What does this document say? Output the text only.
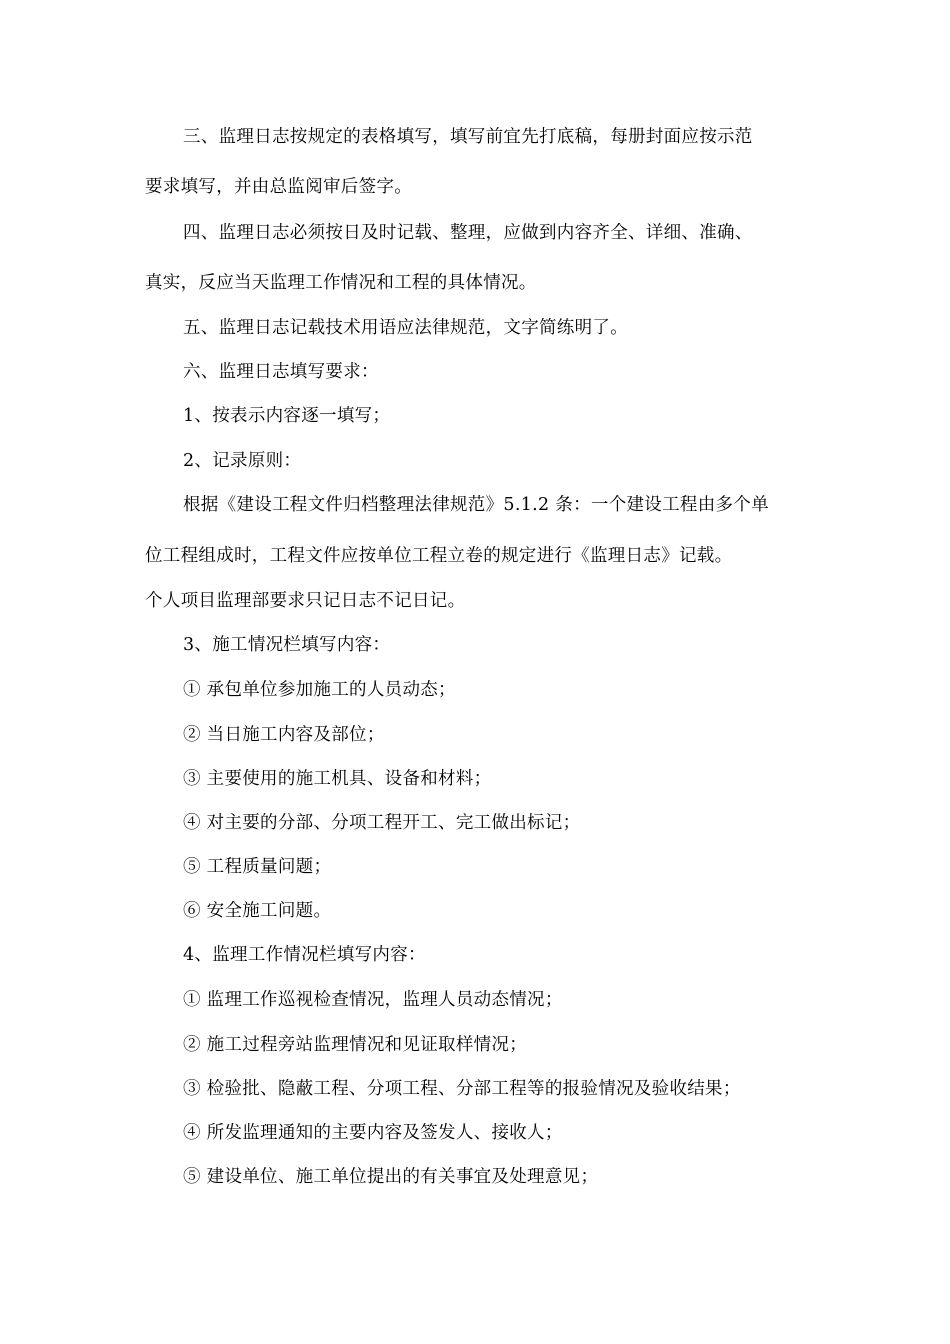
三、监理日志按规定的表格填写，填写前宜先打底稿，每册封面应按示范
要求填写，并由总监阅审后签字。
四、监理日志必须按日及时记载、整理，应做到内容齐全、详细、准确、
真实，反应当天监理工作情况和工程的具体情况。
五、监理日志记载技术用语应法律规范，文字简练明了。
六、监理日志填写要求：
1、按表示内容逐一填写；
2、记录原则：
根据《建设工程文件归档整理法律规范》5.1.2 条：一个建设工程由多个单
位工程组成时，工程文件应按单位工程立卷的规定进行《监理日志》记载。
个人项目监理部要求只记日志不记日记。
3、施工情况栏填写内容：
① 承包单位参加施工的人员动态；
② 当日施工内容及部位；
③ 主要使用的施工机具、设备和材料；
④ 对主要的分部、分项工程开工、完工做出标记；
⑤ 工程质量问题；
⑥ 安全施工问题。
4、监理工作情况栏填写内容：
① 监理工作巡视检查情况，监理人员动态情况；
② 施工过程旁站监理情况和见证取样情况；
③ 检验批、隐蔽工程、分项工程、分部工程等的报验情况及验收结果；
④ 所发监理通知的主要内容及签发人、接收人；
⑤ 建设单位、施工单位提出的有关事宜及处理意见；
